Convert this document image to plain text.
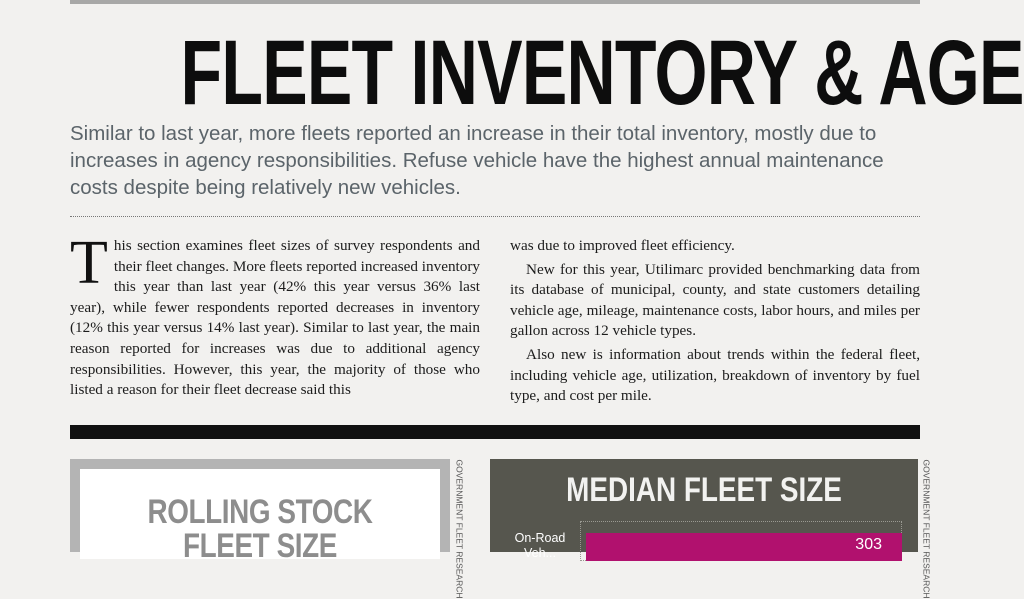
FLEET INVENTORY & AGE

Similar to last year, more fleets reported an increase in their total inventory, mostly due to increases in agency responsibilities. Refuse vehicle have the highest annual maintenance costs despite being relatively new vehicles.

This section examines fleet sizes of survey respondents and their fleet changes. More fleets reported increased inventory this year than last year (42% this year versus 36% last year), while fewer respondents reported decreases in inventory (12% this year versus 14% last year). Similar to last year, the main reason reported for increases was due to additional agency responsibilities. However, this year, the majority of those who listed a reason for their fleet decrease said this

was due to improved fleet efficiency.

New for this year, Utilimarc provided benchmarking data from its database of municipal, county, and state customers detailing vehicle age, mileage, maintenance costs, labor hours, and miles per gallon across 12 vehicle types.

Also new is information about trends within the federal fleet, including vehicle age, utilization, breakdown of inventory by fuel type, and cost per mile.

ROLLING STOCK
FLEET SIZE	GOVERNMENT FLEET RESEARCH	MEDIAN FLEET SIZE
On-Road Veh...	303	GOVERNMENT FLEET RESEARCH
